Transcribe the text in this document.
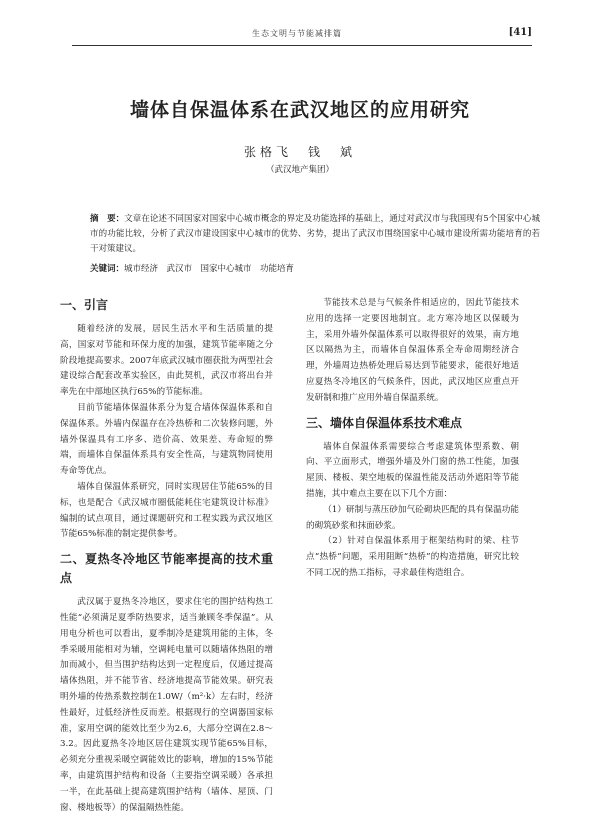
生态文明与节能减排篇	[41]
墙体自保温体系在武汉地区的应用研究
张格飞　钱　斌
（武汉地产集团）
摘　要：文章在论述不同国家对国家中心城市概念的界定及功能选择的基础上，通过对武汉市与我国现有5个国家中心城市的功能比较，分析了武汉市建设国家中心城市的优势、劣势，提出了武汉市围绕国家中心城市建设所需功能培育的若干对策建议。
关键词：城市经济　武汉市　国家中心城市　功能培育
一、引言

随着经济的发展，居民生活水平和生活质量的提高，国家对节能和环保力度的加强，建筑节能率随之分阶段地提高要求。2007年底武汉城市圈获批为两型社会建设综合配套改革实验区，由此契机，武汉市将出台并率先在中部地区执行65%的节能标准。

目前节能墙体保温体系分为复合墙体保温体系和自保温体系。外墙内保温存在冷热桥和二次装修问题，外墙外保温具有工序多、造价高、效果差、寿命短的弊端，而墙体自保温体系具有安全性高，与建筑物同使用寿命等优点。

墙体自保温体系研究，同时实现居住节能65%的目标，也是配合《武汉城市圈低能耗住宅建筑设计标准》编制的试点项目，通过课题研究和工程实践为武汉地区节能65%标准的制定提供参考。

二、夏热冬冷地区节能率提高的技术重点

武汉属于夏热冬冷地区，要求住宅的围护结构热工性能“必须满足夏季防热要求，适当兼顾冬季保温”。从用电分析也可以看出，夏季制冷是建筑用能的主体，冬季采暖用能相对为辅，空调耗电量可以随墙体热阻的增加而减小，但当围护结构达到一定程度后，仅通过提高墙体热阻，并不能节省、经济地提高节能效果。研究表明外墙的传热系数控制在1.0W/（m²·k）左右时，经济性最好，过低经济性反而差。根据现行的空调器国家标准，家用空调的能效比至少为2.6，大部分空调在2.8～3.2。因此夏热冬冷地区居住建筑实现节能65%目标，必须充分重视采暖空调能效比的影响，增加的15%节能率，由建筑围护结构和设备（主要指空调采暖）各承担一半，在此基础上提高建筑围护结构（墙体、屋顶、门窗、楼地板等）的保温隔热性能。

节能技术总是与气候条件相适应的，因此节能技术应用的选择一定要因地制宜。北方寒冷地区以保暖为主，采用外墙外保温体系可以取得很好的效果，南方地区以隔热为主，而墙体自保温体系全寿命周期经济合理，外墙周边热桥处理后易达到节能要求，能很好地适应夏热冬冷地区的气候条件，因此，武汉地区应重点开发研制和推广应用外墙自保温系统。

三、墙体自保温体系技术难点

墙体自保温体系需要综合考虑建筑体型系数、朝向、平立面形式，增强外墙及外门窗的热工性能，加强屋顶、楼板、架空地板的保温性能及活动外遮阳等节能措施，其中难点主要在以下几个方面：

（1）研制与蒸压砂加气砼砌块匹配的具有保温功能的砌筑砂浆和抹面砂浆。

（2）针对自保温体系用于框架结构时的梁、柱节点“热桥”问题，采用阻断“热桥”的构造措施，研究比较不同工况的热工指标，寻求最佳构造组合。
